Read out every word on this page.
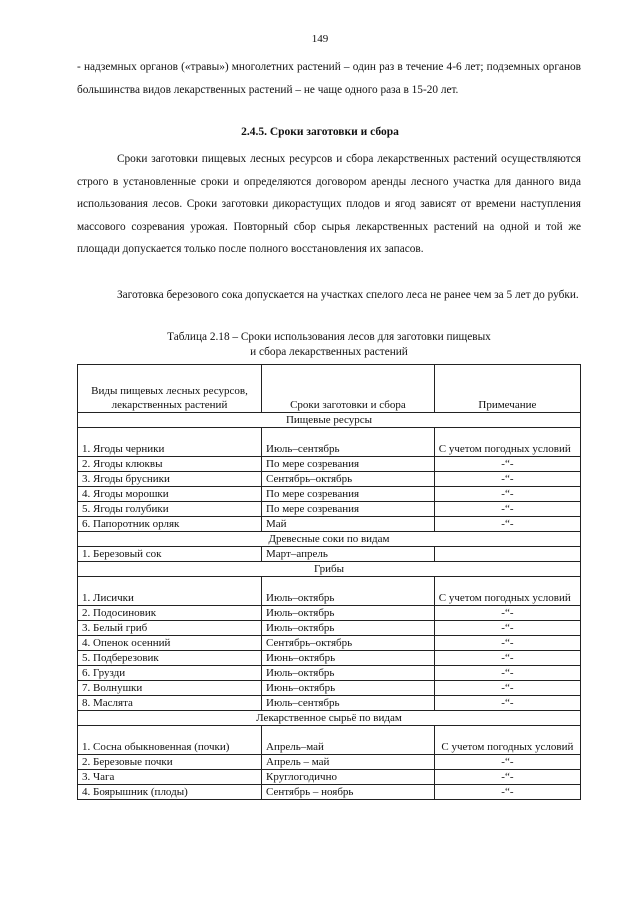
149
- надземных органов («травы») многолетних растений – один раз в течение 4-6 лет; подземных органов большинства видов лекарственных растений – не чаще одного раза в 15-20 лет.
2.4.5. Сроки заготовки и сбора
Сроки заготовки пищевых лесных ресурсов и сбора лекарственных растений осуществляются строго в установленные сроки и определяются договором аренды лесного участка для данного вида использования лесов. Сроки заготовки дикорастущих плодов и ягод зависят от времени наступления массового созревания урожая. Повторный сбор сырья лекарственных растений на одной и той же площади допускается только после полного восстановления их запасов.
Заготовка березового сока допускается на участках спелого леса не ранее чем за 5 лет до рубки.
Таблица 2.18 – Сроки использования лесов для заготовки пищевых
и сбора лекарственных растений
Виды пищевых лесных ресурсов, лекарственных растений	Сроки заготовки и сбора	Примечание
Пищевые ресурсы		
1. Ягоды черники	Июль–сентябрь	С учетом погодных условий
2. Ягоды клюквы	По мере созревания	-“-
3. Ягоды брусники	Сентябрь–октябрь	-“-
4. Ягоды морошки	По мере созревания	-“-
5. Ягоды голубики	По мере созревания	-“-
6. Папоротник орляк	Май	-“-
Древесные соки по видам		
1. Березовый сок	Март–апрель	
Грибы		
1. Лисички	Июль–октябрь	С учетом погодных условий
2. Подосиновик	Июль–октябрь	-“-
3. Белый гриб	Июль–октябрь	-“-
4. Опенок осенний	Сентябрь–октябрь	-“-
5. Подберезовик	Июнь–октябрь	-“-
6. Грузди	Июль–октябрь	-“-
7. Волнушки	Июнь–октябрь	-“-
8. Маслята	Июль–сентябрь	-“-
Лекарственное сырьё по видам		
1. Сосна обыкновенная (почки)	Апрель–май	С учетом погодных условий
2. Березовые почки	Апрель – май	-“-
3. Чага	Круглогодично	-“-
4. Боярышник (плоды)	Сентябрь – ноябрь	-“-
